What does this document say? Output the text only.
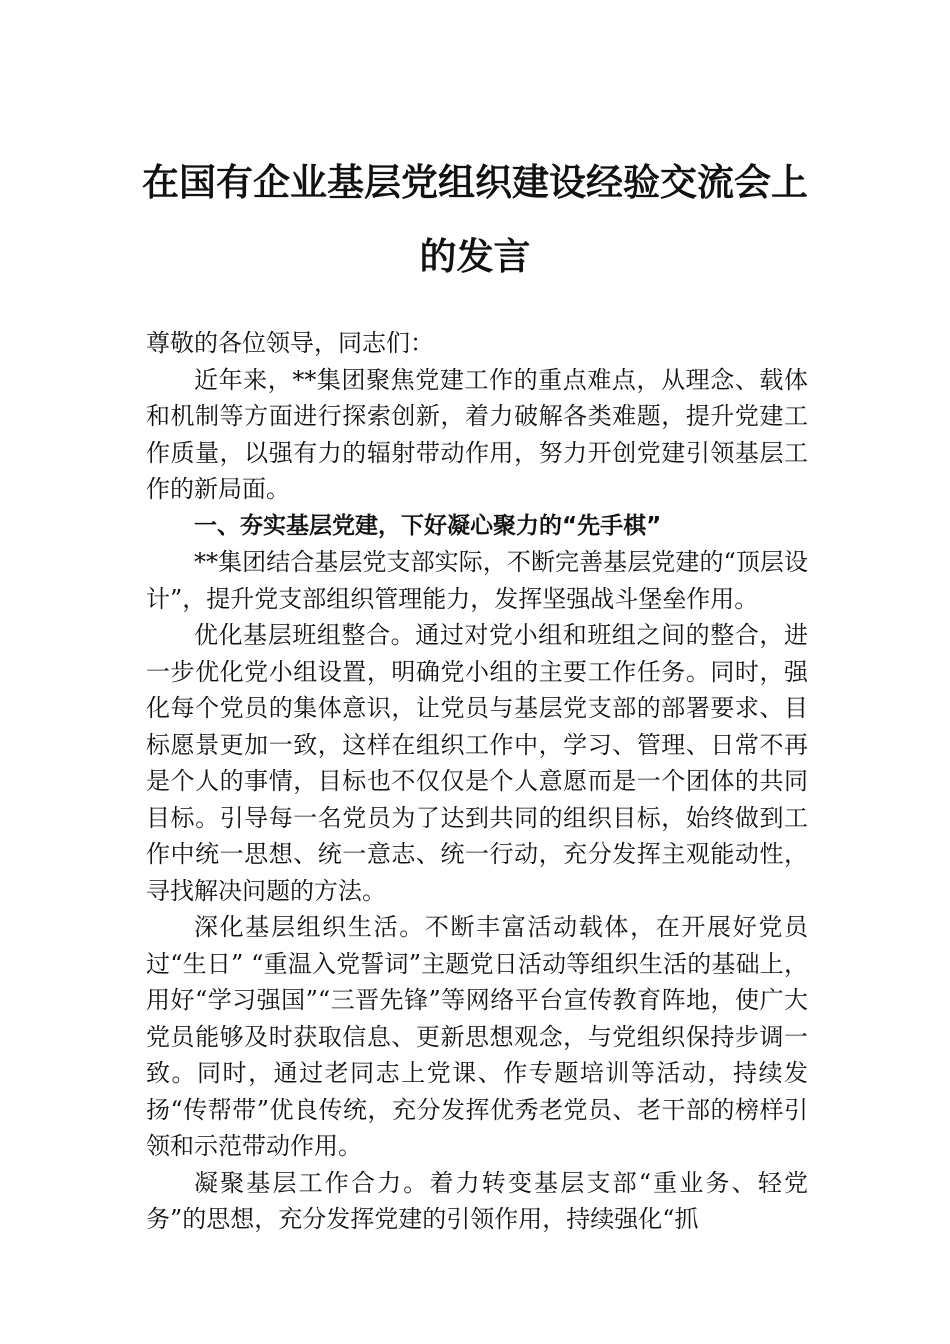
在国有企业基层党组织建设经验交流会上
的发言

尊敬的各位领导，同志们：

近年来，**集团聚焦党建工作的重点难点，从理念、载体和机制等方面进行探索创新，着力破解各类难题，提升党建工作质量，以强有力的辐射带动作用，努力开创党建引领基层工作的新局面。

一、夯实基层党建，下好凝心聚力的“先手棋”

**集团结合基层党支部实际，不断完善基层党建的“顶层设计”，提升党支部组织管理能力，发挥坚强战斗堡垒作用。

优化基层班组整合。通过对党小组和班组之间的整合，进一步优化党小组设置，明确党小组的主要工作任务。同时，强化每个党员的集体意识，让党员与基层党支部的部署要求、目标愿景更加一致，这样在组织工作中，学习、管理、日常不再是个人的事情，目标也不仅仅是个人意愿而是一个团体的共同目标。引导每一名党员为了达到共同的组织目标，始终做到工作中统一思想、统一意志、统一行动，充分发挥主观能动性，寻找解决问题的方法。

深化基层组织生活。不断丰富活动载体，在开展好党员过“生日” “重温入党誓词”主题党日活动等组织生活的基础上，用好“学习强国”“三晋先锋”等网络平台宣传教育阵地，使广大党员能够及时获取信息、更新思想观念，与党组织保持步调一致。同时，通过老同志上党课、作专题培训等活动，持续发扬“传帮带”优良传统，充分发挥优秀老党员、老干部的榜样引领和示范带动作用。

凝聚基层工作合力。着力转变基层支部“重业务、轻党务”的思想，充分发挥党建的引领作用，持续强化“抓
